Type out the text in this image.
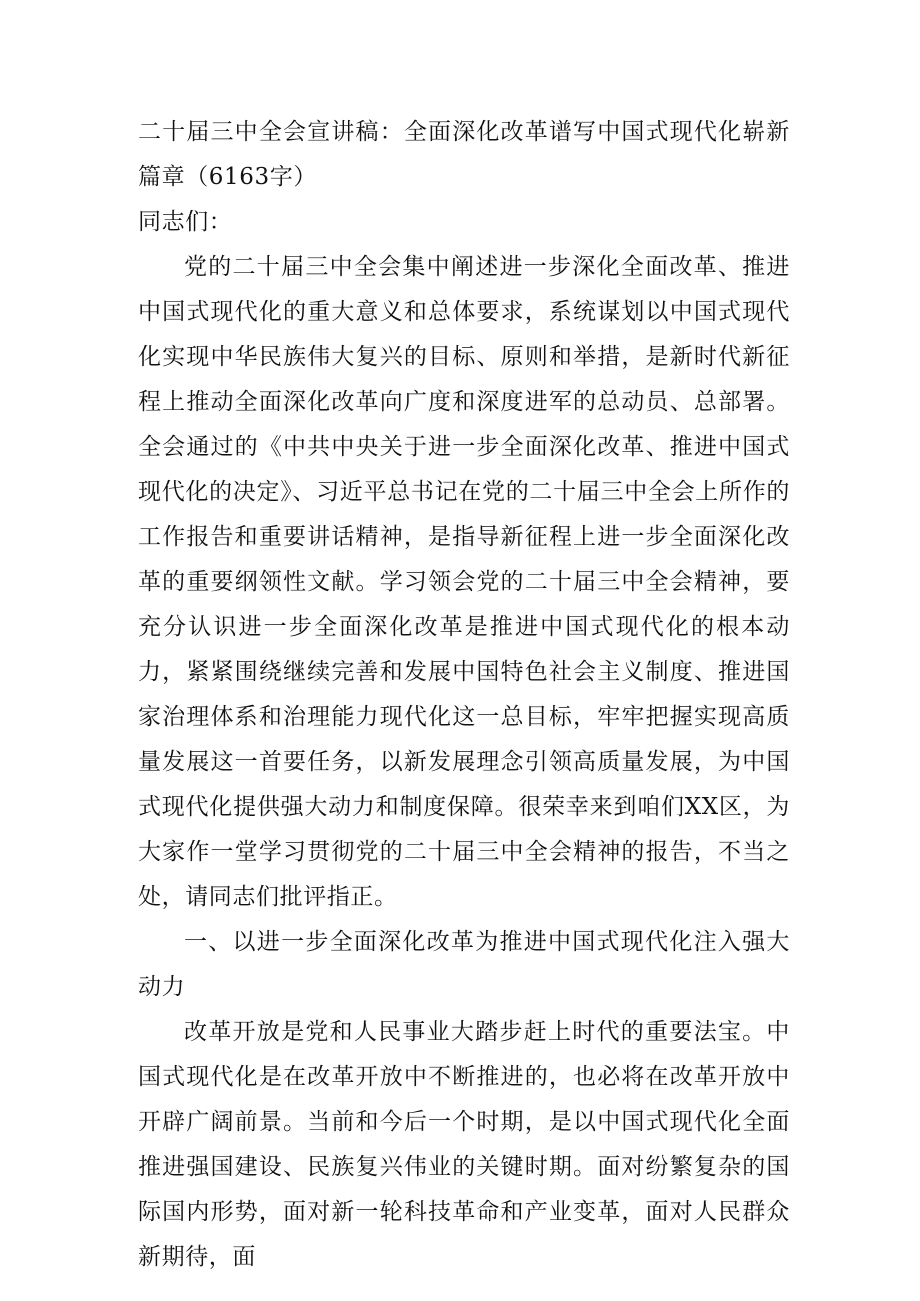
二十届三中全会宣讲稿：全面深化改革谱写中国式现代化崭新篇章（6163字）

同志们：

党的二十届三中全会集中阐述进一步深化全面改革、推进中国式现代化的重大意义和总体要求，系统谋划以中国式现代化实现中华民族伟大复兴的目标、原则和举措，是新时代新征程上推动全面深化改革向广度和深度进军的总动员、总部署。全会通过的《中共中央关于进一步全面深化改革、推进中国式现代化的决定》、习近平总书记在党的二十届三中全会上所作的工作报告和重要讲话精神，是指导新征程上进一步全面深化改革的重要纲领性文献。学习领会党的二十届三中全会精神，要充分认识进一步全面深化改革是推进中国式现代化的根本动力，紧紧围绕继续完善和发展中国特色社会主义制度、推进国家治理体系和治理能力现代化这一总目标，牢牢把握实现高质量发展这一首要任务，以新发展理念引领高质量发展，为中国式现代化提供强大动力和制度保障。很荣幸来到咱们XX区，为大家作一堂学习贯彻党的二十届三中全会精神的报告，不当之处，请同志们批评指正。

一、以进一步全面深化改革为推进中国式现代化注入强大动力

改革开放是党和人民事业大踏步赶上时代的重要法宝。中国式现代化是在改革开放中不断推进的，也必将在改革开放中开辟广阔前景。当前和今后一个时期，是以中国式现代化全面推进强国建设、民族复兴伟业的关键时期。面对纷繁复杂的国际国内形势，面对新一轮科技革命和产业变革，面对人民群众新期待，面
